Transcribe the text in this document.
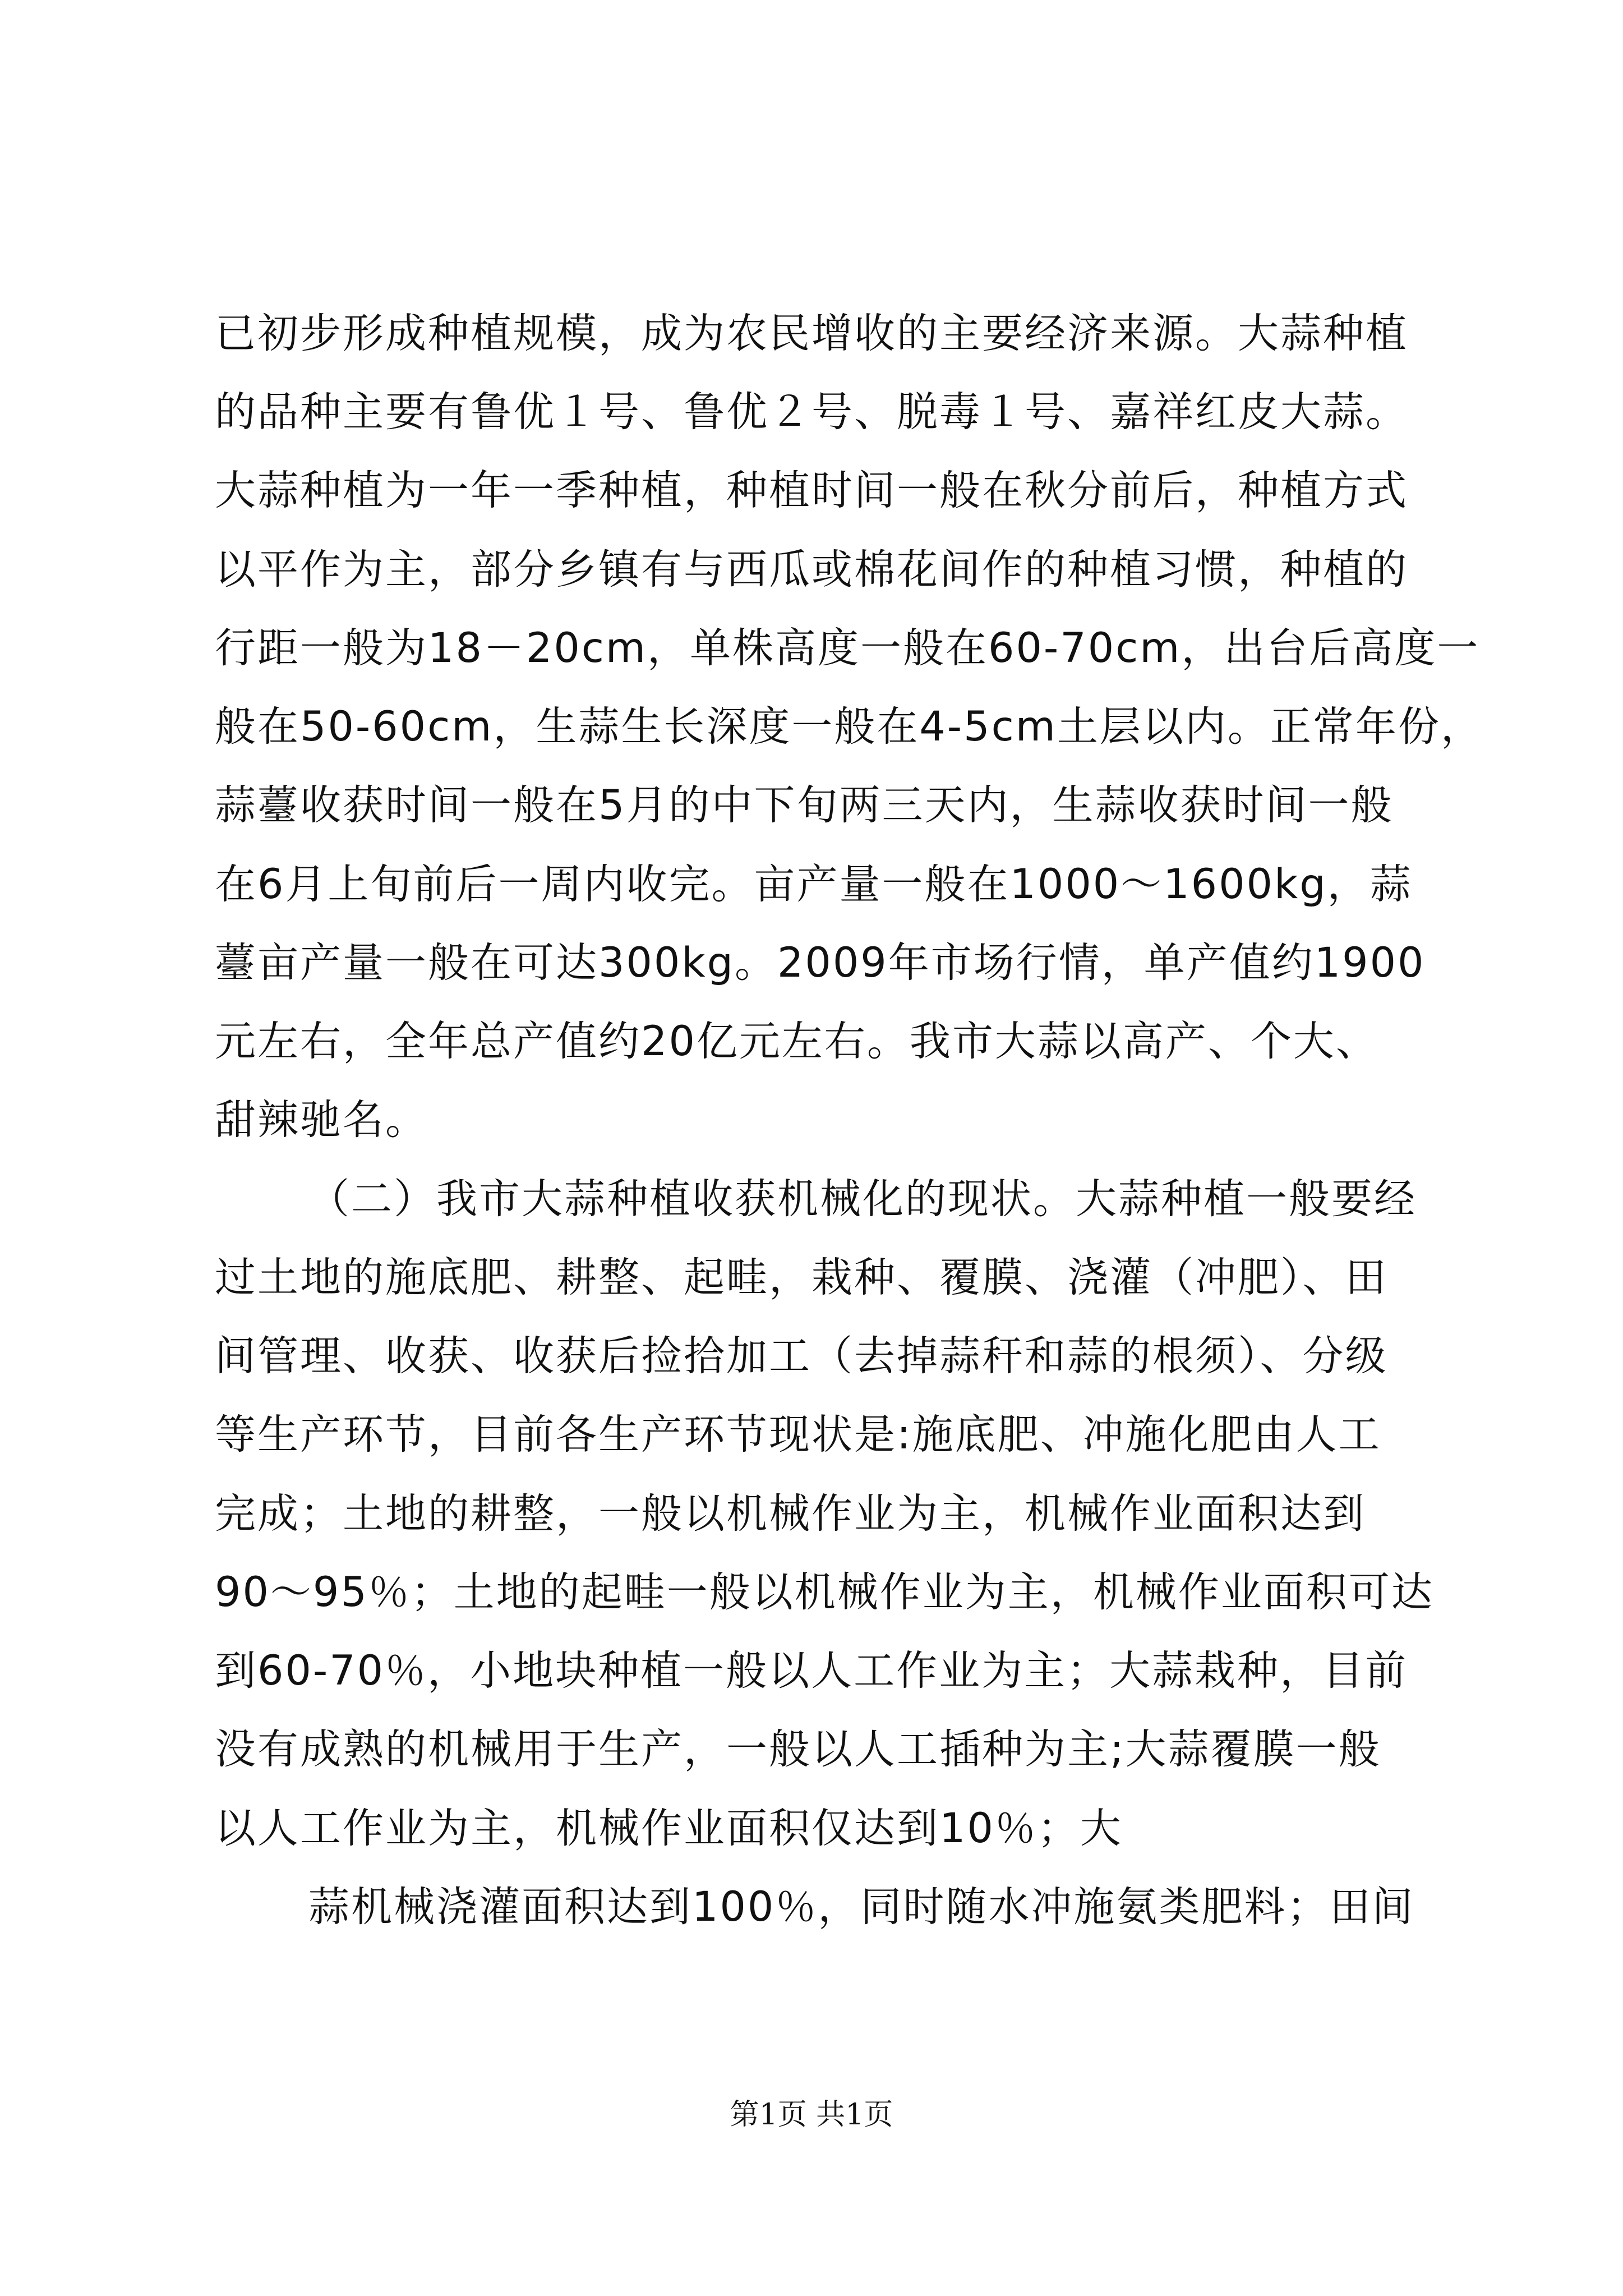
已初步形成种植规模，成为农民增收的主要经济来源。大蒜种植
的品种主要有鲁优１号、鲁优２号、脱毒１号、嘉祥红皮大蒜。
大蒜种植为一年一季种植，种植时间一般在秋分前后，种植方式
以平作为主，部分乡镇有与西瓜或棉花间作的种植习惯，种植的
行距一般为18－20cm，单株高度一般在60-70cm，出台后高度一
般在50-60cm，生蒜生长深度一般在4-5cm土层以内。正常年份，
蒜薹收获时间一般在5月的中下旬两三天内，生蒜收获时间一般
在6月上旬前后一周内收完。亩产量一般在1000～1600kg，蒜
薹亩产量一般在可达300kg。2009年市场行情，单产值约1900
元左右，全年总产值约20亿元左右。我市大蒜以高产、个大、
甜辣驰名。
（二）我市大蒜种植收获机械化的现状。大蒜种植一般要经
过土地的施底肥、耕整、起畦，栽种、覆膜、浇灌（冲肥）、田
间管理、收获、收获后捡拾加工（去掉蒜秆和蒜的根须）、分级
等生产环节，目前各生产环节现状是:施底肥、冲施化肥由人工
完成；土地的耕整，一般以机械作业为主，机械作业面积达到
90～95％；土地的起畦一般以机械作业为主，机械作业面积可达
到60-70％，小地块种植一般以人工作业为主；大蒜栽种，目前
没有成熟的机械用于生产，一般以人工插种为主;大蒜覆膜一般
以人工作业为主，机械作业面积仅达到10％；大
蒜机械浇灌面积达到100％，同时随水冲施氨类肥料；田间
第1页 共1页
